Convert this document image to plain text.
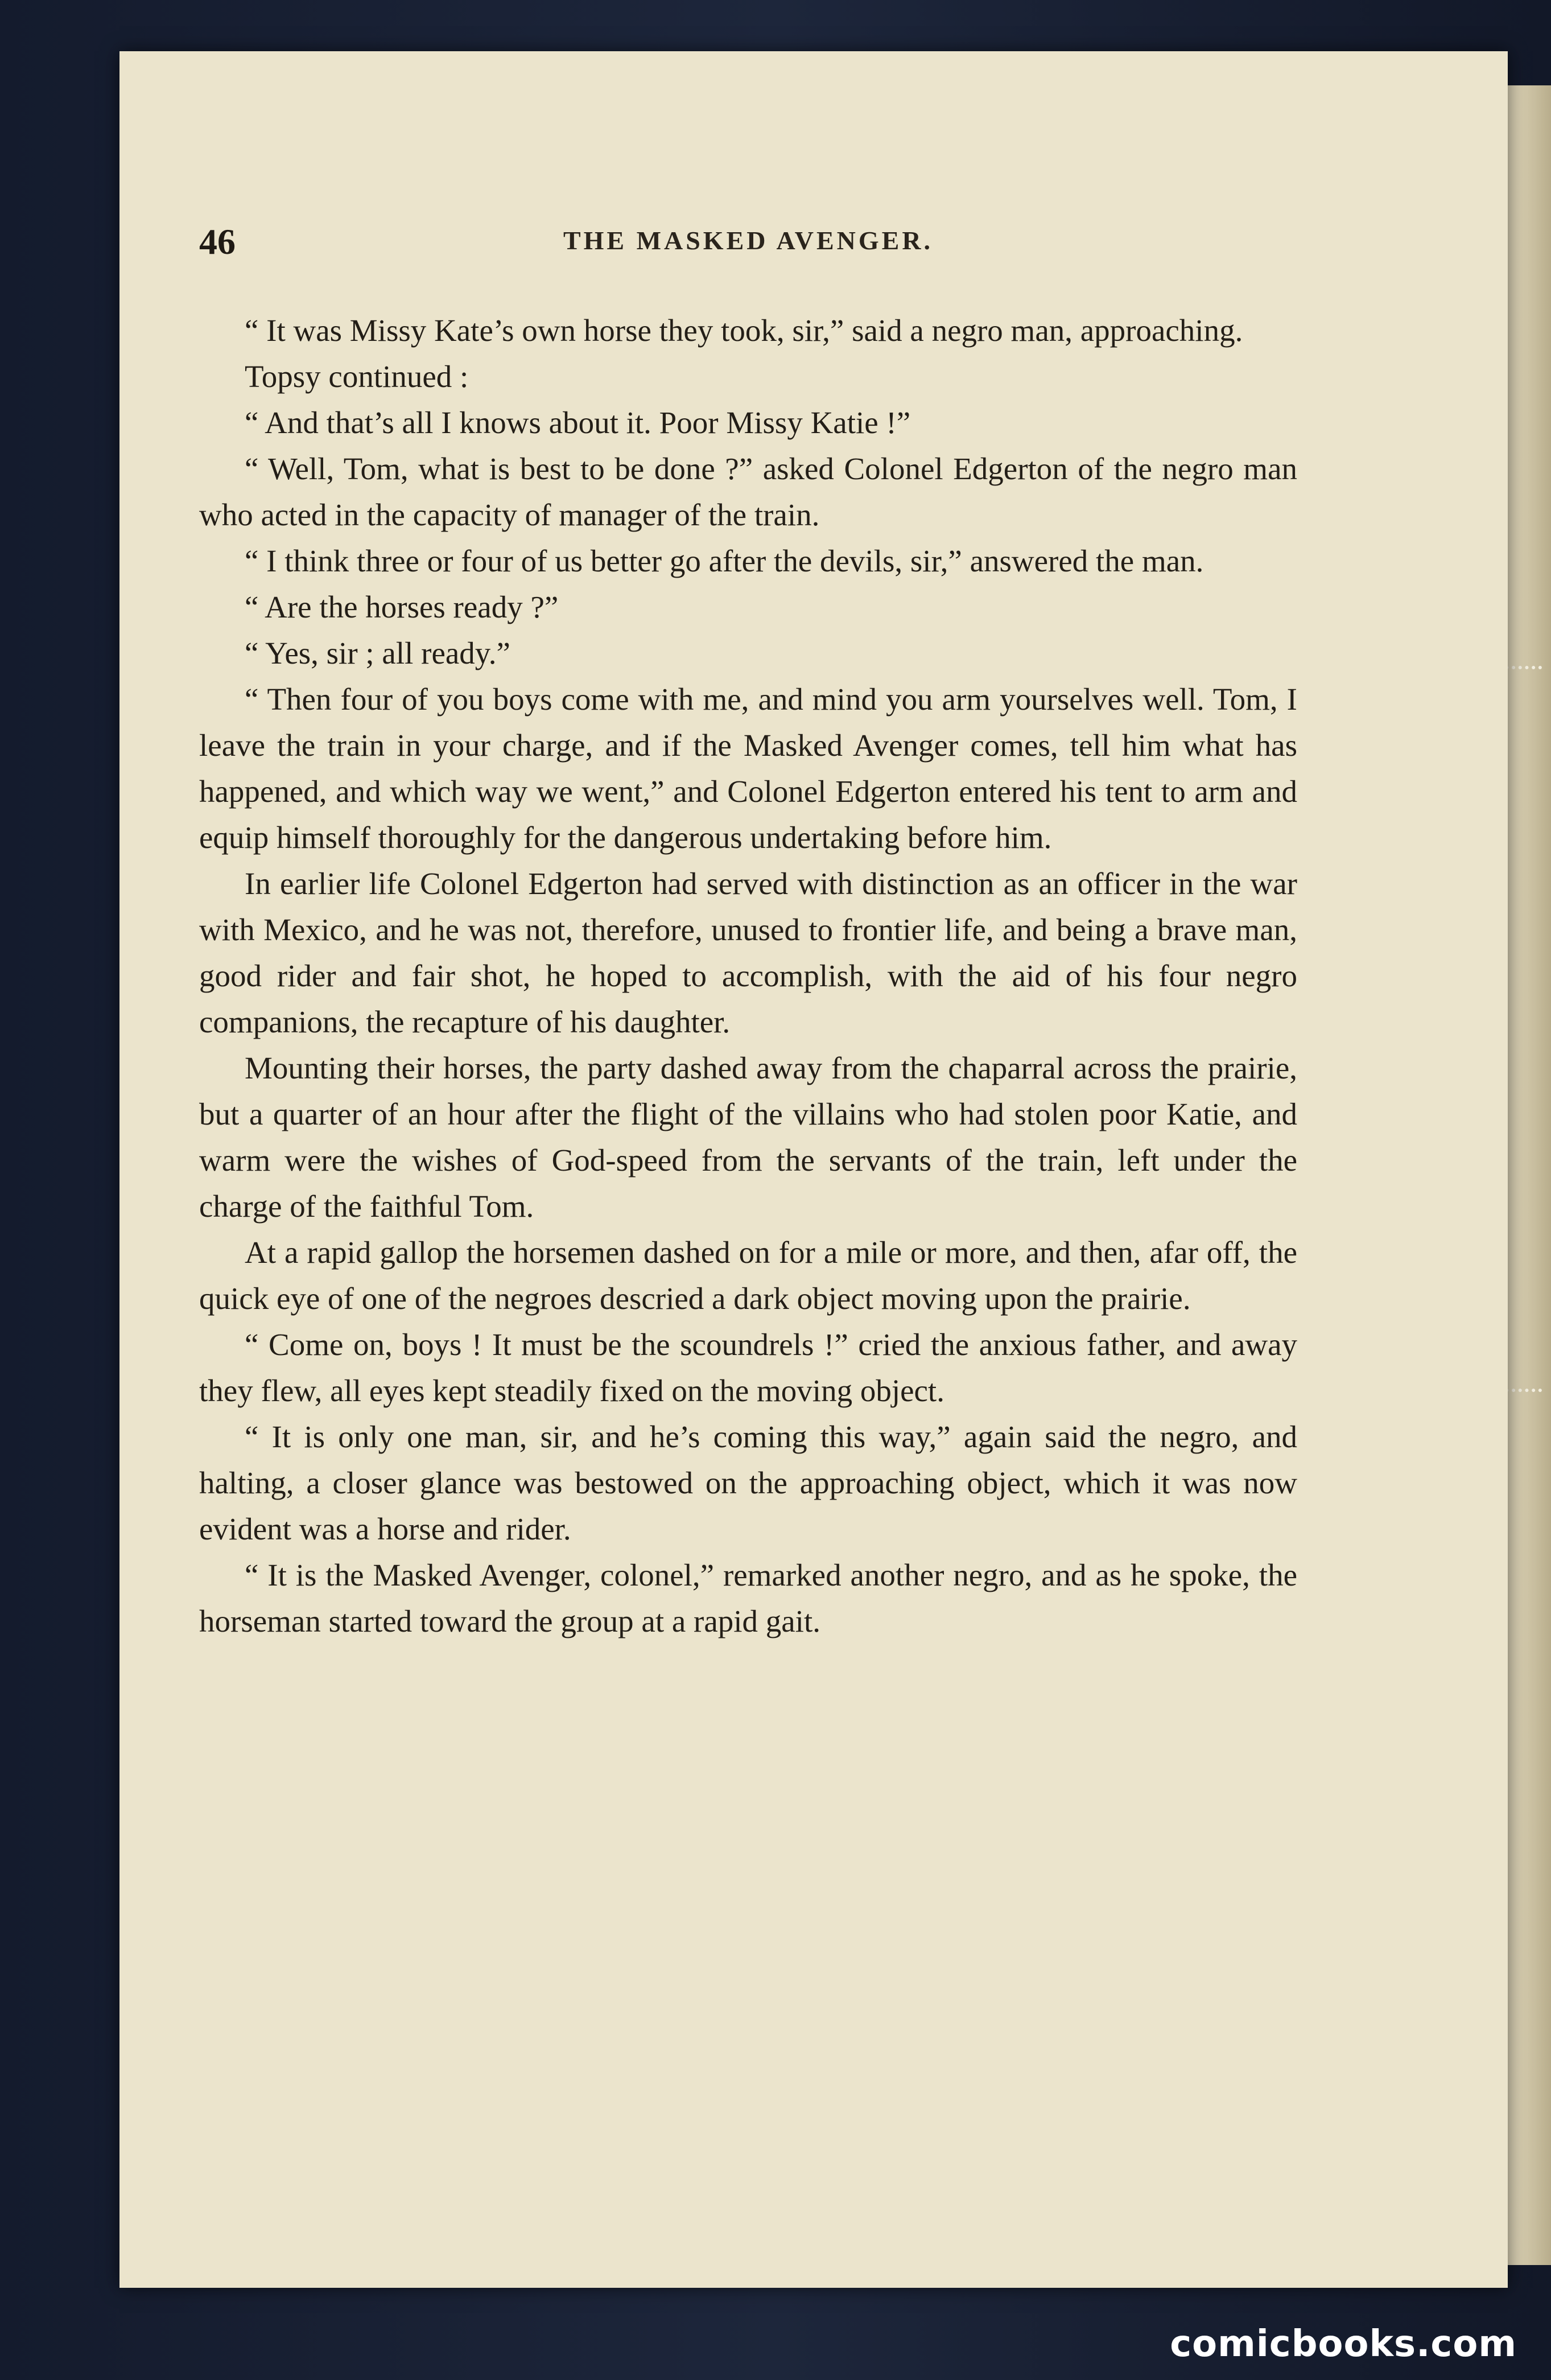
46	THE MASKED AVENGER.

“ It was Missy Kate’s own horse they took, sir,” said a negro man, approaching.

Topsy continued :

“ And that’s all I knows about it. Poor Missy Katie !”

“ Well, Tom, what is best to be done ?” asked Colonel Edgerton of the negro man who acted in the capacity of manager of the train.

“ I think three or four of us better go after the devils, sir,” answered the man.

“ Are the horses ready ?”

“ Yes, sir ; all ready.”

“ Then four of you boys come with me, and mind you arm yourselves well. Tom, I leave the train in your charge, and if the Masked Avenger comes, tell him what has happened, and which way we went,” and Colonel Edgerton entered his tent to arm and equip himself thoroughly for the dangerous undertaking before him.

In earlier life Colonel Edgerton had served with distinction as an officer in the war with Mexico, and he was not, therefore, unused to frontier life, and being a brave man, good rider and fair shot, he hoped to accomplish, with the aid of his four negro companions, the recapture of his daughter.

Mounting their horses, the party dashed away from the chaparral across the prairie, but a quarter of an hour after the flight of the villains who had stolen poor Katie, and warm were the wishes of God-speed from the servants of the train, left under the charge of the faithful Tom.

At a rapid gallop the horsemen dashed on for a mile or more, and then, afar off, the quick eye of one of the negroes descried a dark object moving upon the prairie.

“ Come on, boys ! It must be the scoundrels !” cried the anxious father, and away they flew, all eyes kept steadily fixed on the moving object.

“ It is only one man, sir, and he’s coming this way,” again said the negro, and halting, a closer glance was bestowed on the approaching object, which it was now evident was a horse and rider.

“ It is the Masked Avenger, colonel,” remarked another negro, and as he spoke, the horseman started toward the group at a rapid gait.

comicbooks.com
